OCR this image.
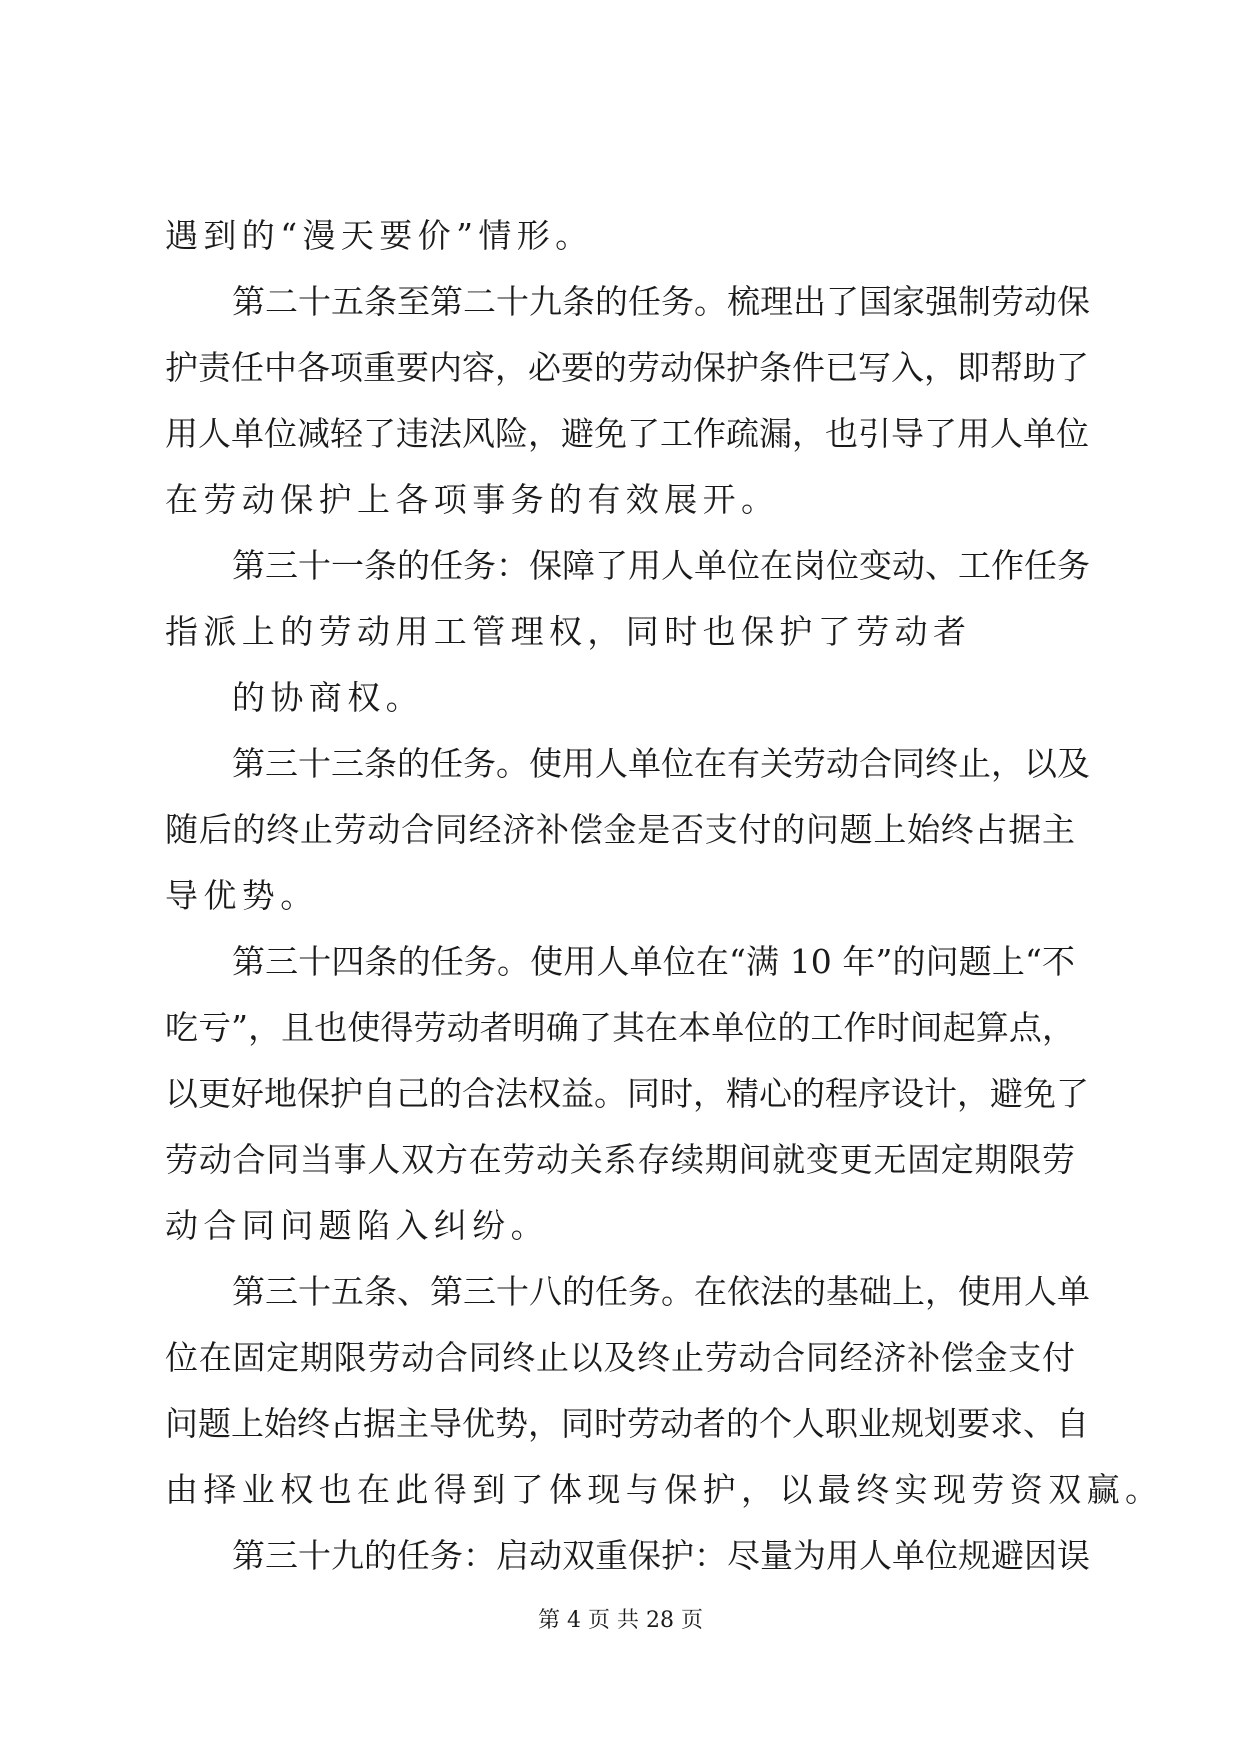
遇到的“漫天要价”情形。
第二十五条至第二十九条的任务。梳理出了国家强制劳动保
护责任中各项重要内容，必要的劳动保护条件已写入，即帮助了
用人单位减轻了违法风险，避免了工作疏漏，也引导了用人单位
在劳动保护上各项事务的有效展开。
第三十一条的任务：保障了用人单位在岗位变动、工作任务
指派上的劳动用工管理权，同时也保护了劳动者
的协商权。
第三十三条的任务。使用人单位在有关劳动合同终止，以及
随后的终止劳动合同经济补偿金是否支付的问题上始终占据主
导优势。
第三十四条的任务。使用人单位在“满 10 年”的问题上“不
吃亏”，且也使得劳动者明确了其在本单位的工作时间起算点，
以更好地保护自己的合法权益。同时，精心的程序设计，避免了
劳动合同当事人双方在劳动关系存续期间就变更无固定期限劳
动合同问题陷入纠纷。
第三十五条、第三十八的任务。在依法的基础上，使用人单
位在固定期限劳动合同终止以及终止劳动合同经济补偿金支付
问题上始终占据主导优势，同时劳动者的个人职业规划要求、自
由择业权也在此得到了体现与保护，以最终实现劳资双赢。
第三十九的任务：启动双重保护：尽量为用人单位规避因误
第 4 页 共 28 页
